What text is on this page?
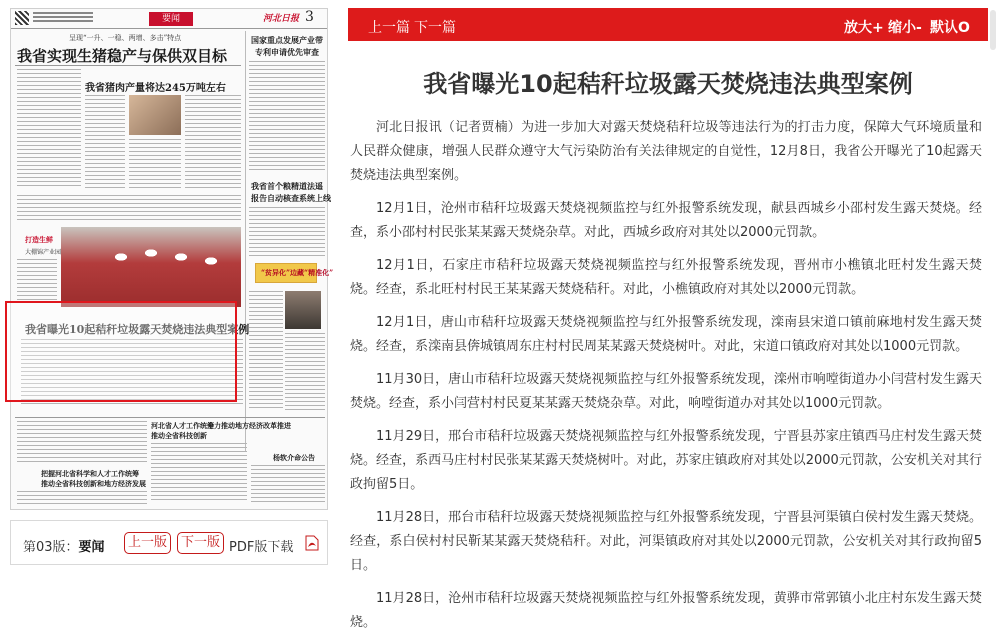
要闻	河北日报 3
呈现“一升、一稳、两增、多击”特点
我省实现生猪稳产与保供双目标
我省猪肉产量将达245万吨左右
国家重点发展产业带
专利申请优先审查
我省首个粮精道法遥
报告自动核查系统上线
“贫异化”边藏“精准化”
打造生鲜
大棚锦产业园
我省曝光10起秸秆垃圾露天焚烧违法典型案例
河北省人才工作统筹
推动全省科技创新
全力推动地方经济改革推进
杨软介命公告
把握河北省科学和人才工作统筹
推动全省科技创新和地方经济发展
第03版：要闻	上一版	下一版 PDF版下载
上一篇 下一篇	放大+ 缩小- 默认O
我省曝光10起秸秆垃圾露天焚烧违法典型案例

河北日报讯（记者贾楠）为进一步加大对露天焚烧秸秆垃圾等违法行为的打击力度，保障大气环境质量和人民群众健康，增强人民群众遵守大气污染防治有关法律规定的自觉性，12月8日，我省公开曝光了10起露天焚烧违法典型案例。

12月1日，沧州市秸秆垃圾露天焚烧视频监控与红外报警系统发现，献县西城乡小邵村发生露天焚烧。经查，系小邵村村民张某某露天焚烧杂草。对此，西城乡政府对其处以2000元罚款。

12月1日，石家庄市秸秆垃圾露天焚烧视频监控与红外报警系统发现，晋州市小樵镇北旺村发生露天焚烧。经查，系北旺村村民王某某露天焚烧秸秆。对此，小樵镇政府对其处以2000元罚款。

12月1日，唐山市秸秆垃圾露天焚烧视频监控与红外报警系统发现，滦南县宋道口镇前麻地村发生露天焚烧。经查，系滦南县倴城镇周东庄村村民周某某露天焚烧树叶。对此，宋道口镇政府对其处以1000元罚款。

11月30日，唐山市秸秆垃圾露天焚烧视频监控与红外报警系统发现，滦州市响嘡街道办小闫营村发生露天焚烧。经查，系小闫营村村民夏某某露天焚烧杂草。对此，响嘡街道办对其处以1000元罚款。

11月29日，邢台市秸秆垃圾露天焚烧视频监控与红外报警系统发现，宁晋县苏家庄镇西马庄村发生露天焚烧。经查，系西马庄村村民张某某露天焚烧树叶。对此，苏家庄镇政府对其处以2000元罚款，公安机关对其行政拘留5日。

11月28日，邢台市秸秆垃圾露天焚烧视频监控与红外报警系统发现，宁晋县河渠镇白侯村发生露天焚烧。经查，系白侯村村民靳某某露天焚烧秸秆。对此，河渠镇政府对其处以2000元罚款，公安机关对其行政拘留5日。

11月28日，沧州市秸秆垃圾露天焚烧视频监控与红外报警系统发现，黄骅市常郭镇小北庄村东发生露天焚烧。
